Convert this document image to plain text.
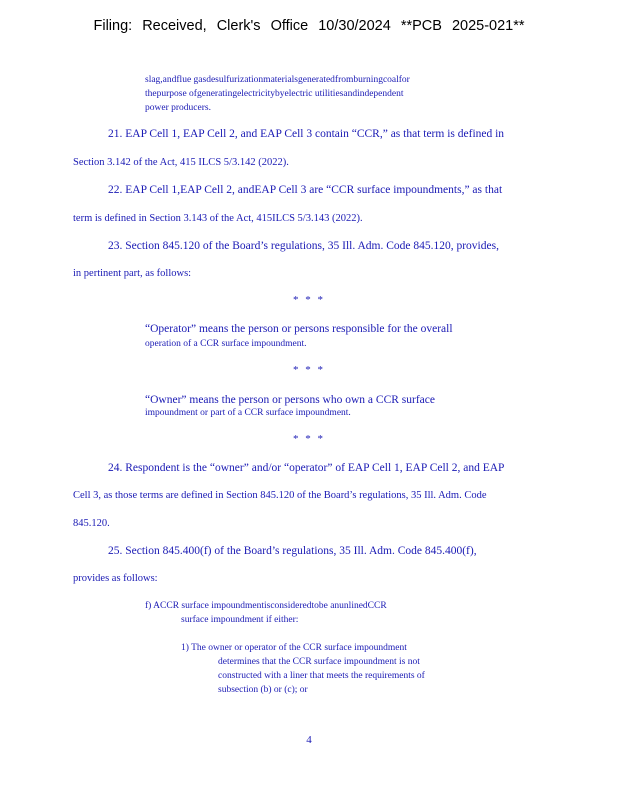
Filing: Received, Clerk's Office 10/30/2024 **PCB 2025-021**
slag,andflue gasdesulfurizationmaterialsgeneratedfromburningcoalfor
thepurpose ofgeneratingelectricitybyelectric utilitiesandindependent
power producers.
21. EAP Cell 1, EAP Cell 2, and EAP Cell 3 contain “CCR,” as that term is defined in
Section 3.142 of the Act, 415 ILCS 5/3.142 (2022).
22. EAP Cell 1,EAP Cell 2, andEAP Cell 3 are “CCR surface impoundments,” as that
term is defined in Section 3.143 of the Act, 415ILCS 5/3.143 (2022).
23. Section 845.120 of the Board’s regulations, 35 Ill. Adm. Code 845.120, provides,
in pertinent part, as follows:
* * *
“Operator” means the person or persons responsible for the overall
operation of a CCR surface impoundment.
* * *
“Owner” means the person or persons who own a CCR surface
impoundment or part of a CCR surface impoundment.
* * *
24. Respondent is the “owner” and/or “operator” of EAP Cell 1, EAP Cell 2, and EAP
Cell 3, as those terms are defined in Section 845.120 of the Board’s regulations, 35 Ill. Adm. Code
845.120.
25. Section 845.400(f) of the Board’s regulations, 35 Ill. Adm. Code 845.400(f),
provides as follows:
f) ACCR surface impoundmentisconsideredtobe anunlinedCCR
surface impoundment if either:
1) The owner or operator of the CCR surface impoundment
determines that the CCR surface impoundment is not
constructed with a liner that meets the requirements of
subsection (b) or (c); or
4
